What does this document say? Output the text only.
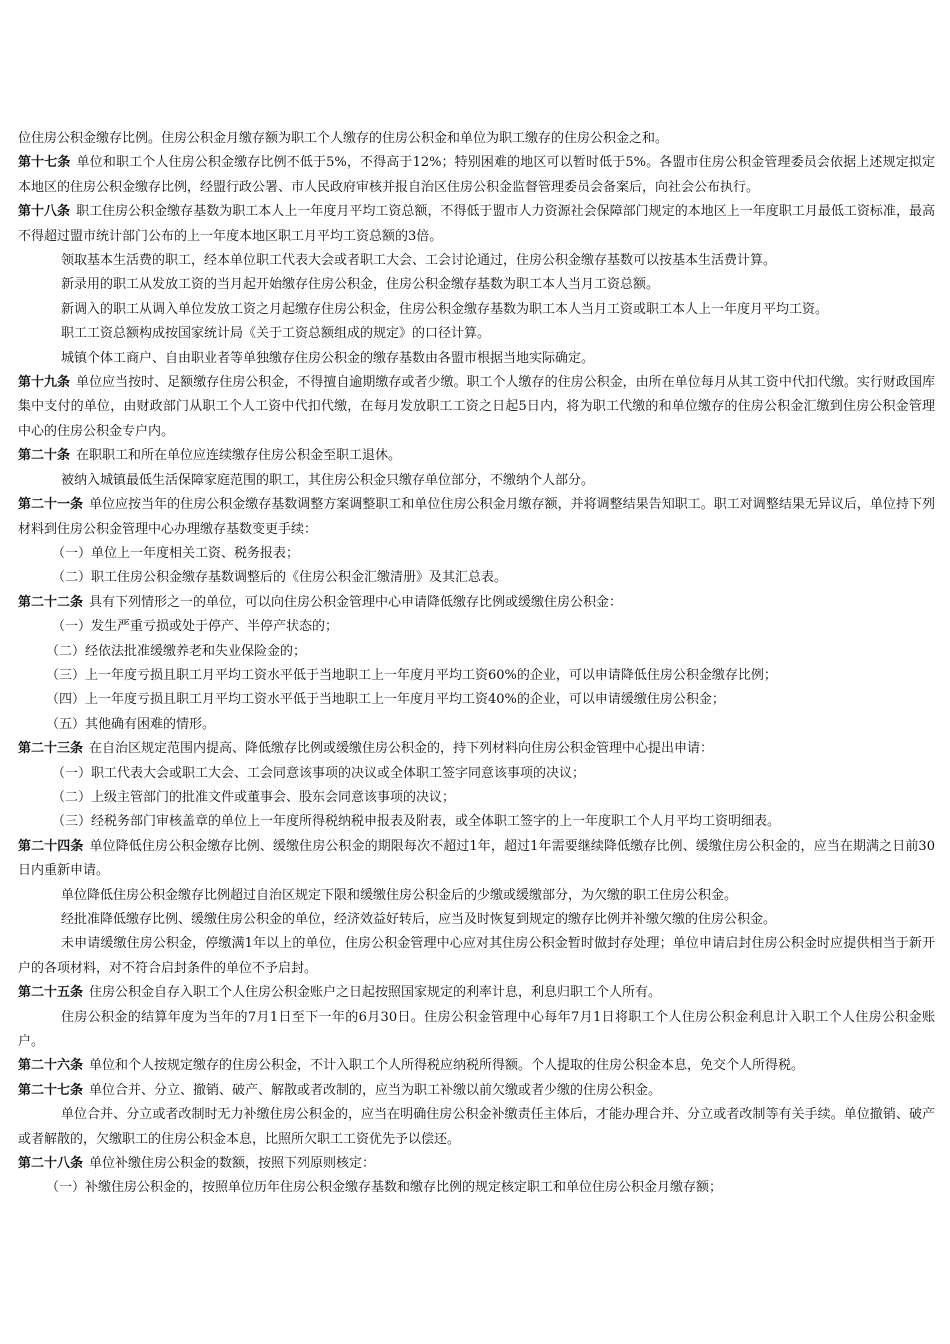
位住房公积金缴存比例。住房公积金月缴存额为职工个人缴存的住房公积金和单位为职工缴存的住房公积金之和。

第十七条 单位和职工个人住房公积金缴存比例不低于5%，不得高于12%；特别困难的地区可以暂时低于5%。各盟市住房公积金管理委员会依据上述规定拟定本地区的住房公积金缴存比例，经盟行政公署、市人民政府审核并报自治区住房公积金监督管理委员会备案后，向社会公布执行。

第十八条 职工住房公积金缴存基数为职工本人上一年度月平均工资总额，不得低于盟市人力资源社会保障部门规定的本地区上一年度职工月最低工资标准，最高不得超过盟市统计部门公布的上一年度本地区职工月平均工资总额的3倍。

领取基本生活费的职工，经本单位职工代表大会或者职工大会、工会讨论通过，住房公积金缴存基数可以按基本生活费计算。

新录用的职工从发放工资的当月起开始缴存住房公积金，住房公积金缴存基数为职工本人当月工资总额。

新调入的职工从调入单位发放工资之月起缴存住房公积金，住房公积金缴存基数为职工本人当月工资或职工本人上一年度月平均工资。

职工工资总额构成按国家统计局《关于工资总额组成的规定》的口径计算。

城镇个体工商户、自由职业者等单独缴存住房公积金的缴存基数由各盟市根据当地实际确定。

第十九条 单位应当按时、足额缴存住房公积金，不得擅自逾期缴存或者少缴。职工个人缴存的住房公积金，由所在单位每月从其工资中代扣代缴。实行财政国库集中支付的单位，由财政部门从职工个人工资中代扣代缴，在每月发放职工工资之日起5日内，将为职工代缴的和单位缴存的住房公积金汇缴到住房公积金管理中心的住房公积金专户内。

第二十条 在职职工和所在单位应连续缴存住房公积金至职工退休。

被纳入城镇最低生活保障家庭范围的职工，其住房公积金只缴存单位部分，不缴纳个人部分。

第二十一条 单位应按当年的住房公积金缴存基数调整方案调整职工和单位住房公积金月缴存额，并将调整结果告知职工。职工对调整结果无异议后，单位持下列材料到住房公积金管理中心办理缴存基数变更手续：

（一）单位上一年度相关工资、税务报表；

（二）职工住房公积金缴存基数调整后的《住房公积金汇缴清册》及其汇总表。

第二十二条 具有下列情形之一的单位，可以向住房公积金管理中心申请降低缴存比例或缓缴住房公积金：

（一）发生严重亏损或处于停产、半停产状态的；

（二）经依法批准缓缴养老和失业保险金的；

（三）上一年度亏损且职工月平均工资水平低于当地职工上一年度月平均工资60%的企业，可以申请降低住房公积金缴存比例；

（四）上一年度亏损且职工月平均工资水平低于当地职工上一年度月平均工资40%的企业，可以申请缓缴住房公积金；

（五）其他确有困难的情形。

第二十三条 在自治区规定范围内提高、降低缴存比例或缓缴住房公积金的，持下列材料向住房公积金管理中心提出申请：

（一）职工代表大会或职工大会、工会同意该事项的决议或全体职工签字同意该事项的决议；

（二）上级主管部门的批准文件或董事会、股东会同意该事项的决议；

（三）经税务部门审核盖章的单位上一年度所得税纳税申报表及附表，或全体职工签字的上一年度职工个人月平均工资明细表。

第二十四条 单位降低住房公积金缴存比例、缓缴住房公积金的期限每次不超过1年，超过1年需要继续降低缴存比例、缓缴住房公积金的，应当在期满之日前30日内重新申请。

单位降低住房公积金缴存比例超过自治区规定下限和缓缴住房公积金后的少缴或缓缴部分，为欠缴的职工住房公积金。

经批准降低缴存比例、缓缴住房公积金的单位，经济效益好转后，应当及时恢复到规定的缴存比例并补缴欠缴的住房公积金。

未申请缓缴住房公积金，停缴满1年以上的单位，住房公积金管理中心应对其住房公积金暂时做封存处理；单位申请启封住房公积金时应提供相当于新开户的各项材料，对不符合启封条件的单位不予启封。

第二十五条 住房公积金自存入职工个人住房公积金账户之日起按照国家规定的利率计息，利息归职工个人所有。

住房公积金的结算年度为当年的7月1日至下一年的6月30日。住房公积金管理中心每年7月1日将职工个人住房公积金利息计入职工个人住房公积金账户。

第二十六条 单位和个人按规定缴存的住房公积金，不计入职工个人所得税应纳税所得额。个人提取的住房公积金本息，免交个人所得税。

第二十七条 单位合并、分立、撤销、破产、解散或者改制的，应当为职工补缴以前欠缴或者少缴的住房公积金。

单位合并、分立或者改制时无力补缴住房公积金的，应当在明确住房公积金补缴责任主体后，才能办理合并、分立或者改制等有关手续。单位撤销、破产或者解散的，欠缴职工的住房公积金本息，比照所欠职工工资优先予以偿还。

第二十八条 单位补缴住房公积金的数额，按照下列原则核定：

（一）补缴住房公积金的，按照单位历年住房公积金缴存基数和缴存比例的规定核定职工和单位住房公积金月缴存额；
